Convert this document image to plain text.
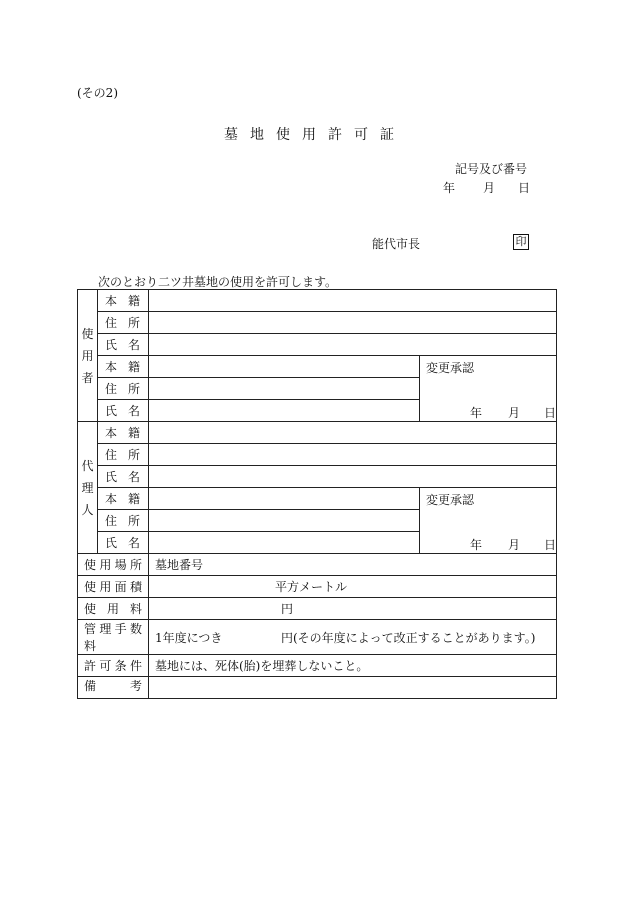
(その2)
墓地使用許可証
記号及び番号
年 月 日
能代市長	印
次のとおり二ツ井墓地の使用を許可します。
使
用
者	本籍		

	住所		

	氏名		

	本籍		変更承認
年 月 日

	住所		

	氏名		

代
理
人	本籍		

	住所		

	氏名		

	本籍		変更承認
年 月 日

	住所		

	氏名		

使用場所		墓地番号	

使用面積		平方メートル	

使用料		円	

管理手数料		1年度につき 円(その年度によって改正することがあります。)	

許可条件		墓地には、死体(胎)を埋葬しないこと。	

備考			
